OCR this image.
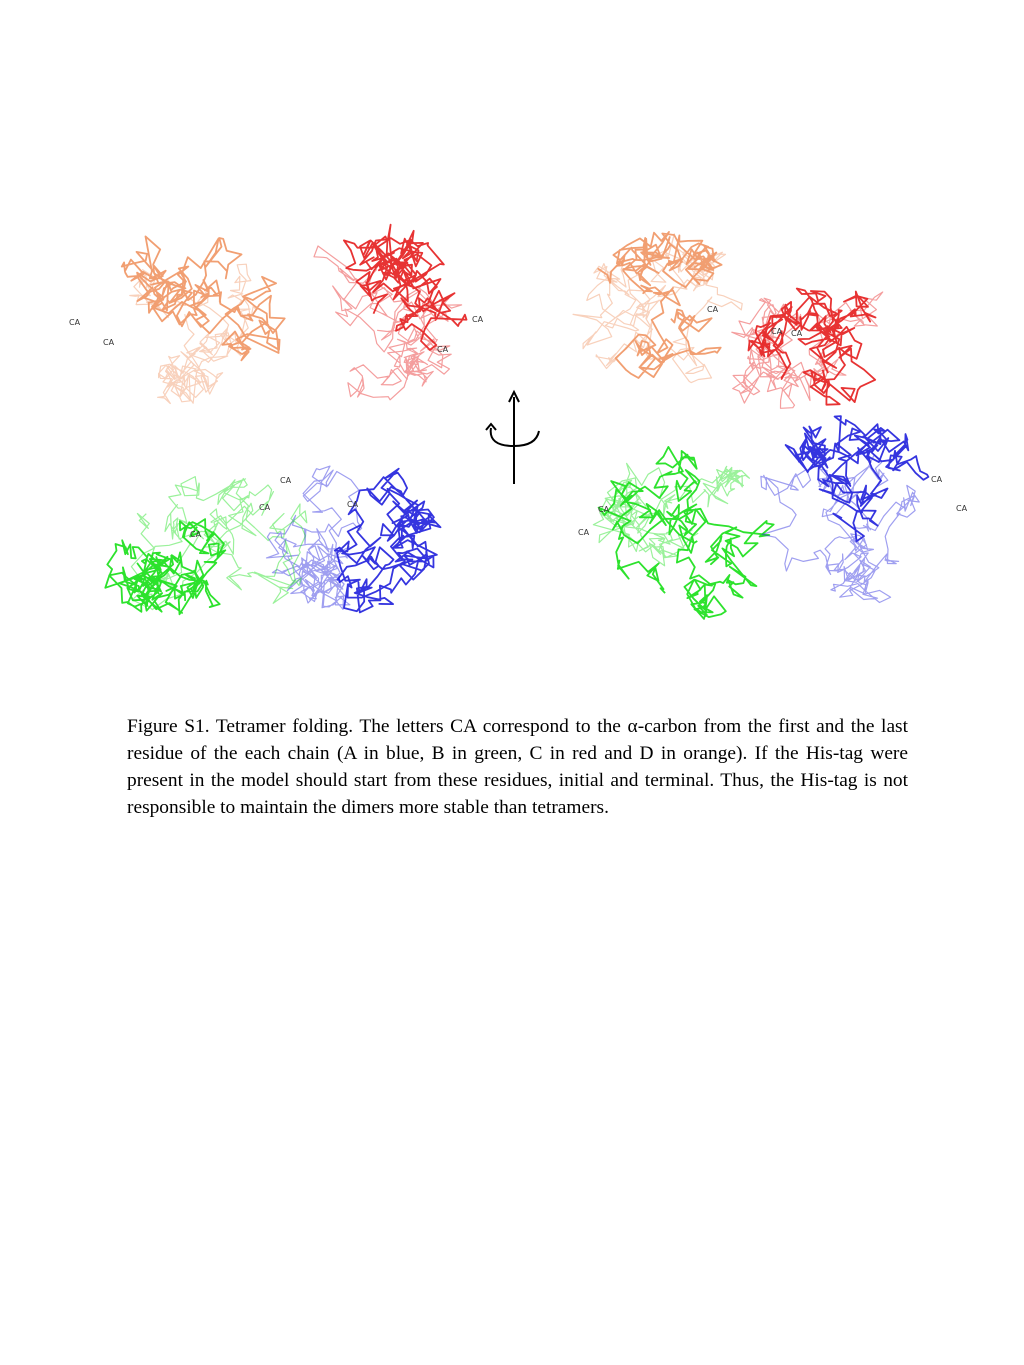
CA
CA
CA
CA
CA
CA	CA
CA
CA
CA CA
CA
CA
CA
CA

Figure S1. Tetramer folding. The letters CA correspond to the α-carbon from the first and the last residue of the each chain (A in blue, B in green, C in red and D in orange). If the His-tag were present in the model should start from these residues, initial and terminal. Thus, the His-tag is not responsible to maintain the dimers more stable than tetramers.
